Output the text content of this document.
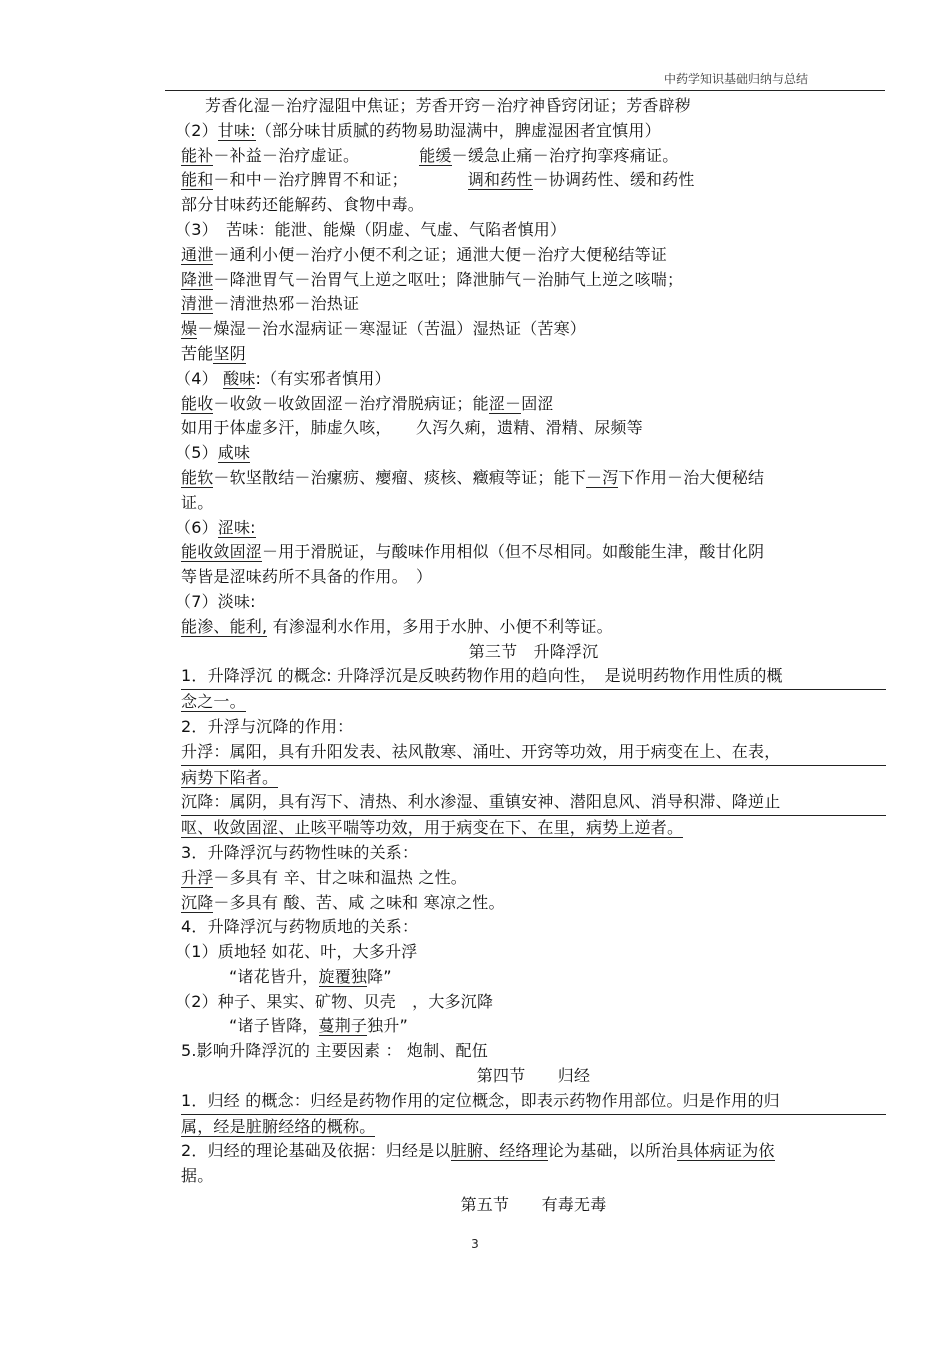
中药学知识基础归纳与总结
芳香化湿－治疗湿阻中焦证；芳香开窍－治疗神昏窍闭证；芳香辟秽
（2）甘味:（部分味甘质腻的药物易助湿满中，脾虚湿困者宜慎用）
能补－补益－治疗虚证。	能缓－缓急止痛－治疗拘挛疼痛证。
能和－和中－治疗脾胃不和证；	调和药性－协调药性、缓和药性
部分甘味药还能解药、食物中毒。
（3）　苦味：能泄、能燥（阴虚、气虚、气陷者慎用）
通泄－通利小便－治疗小便不利之证；通泄大便－治疗大便秘结等证
降泄－降泄胃气－治胃气上逆之呕吐；降泄肺气－治肺气上逆之咳喘；
清泄－清泄热邪－治热证
燥－燥湿－治水湿病证－寒湿证（苦温）湿热证（苦寒）
苦能坚阴
（4） 酸味:（有实邪者慎用）
能收－收敛－收敛固涩－治疗滑脱病证；能涩－固涩
如用于体虚多汗，肺虚久咳，　　久泻久痢，遗精、滑精、尿频等
（5）咸味
能软－软坚散结－治瘰疬、瘿瘤、痰核、癥瘕等证；能下－泻下作用－治大便秘结
证。
（6）涩味:
能收敛固涩－用于滑脱证，与酸味作用相似（但不尽相同。如酸能生津，酸甘化阴
等皆是涩味药所不具备的作用。　）
（7）淡味:
能渗、能利, 有渗湿利水作用，多用于水肿、小便不利等证。
第三节　升降浮沉
1．升降浮沉 的概念: 升降浮沉是反映药物作用的趋向性，　是说明药物作用性质的概
念之一。
2．升浮与沉降的作用：
升浮：属阳，具有升阳发表、祛风散寒、涌吐、开窍等功效，用于病变在上、在表，
病势下陷者。
沉降：属阴，具有泻下、清热、利水渗湿、重镇安神、潜阳息风、消导积滞、降逆止
呕、收敛固涩、止咳平喘等功效，用于病变在下、在里，病势上逆者。
3．升降浮沉与药物性味的关系：
升浮－多具有 辛、甘之味和温热 之性。
沉降－多具有 酸、苦、咸 之味和 寒凉之性。
4．升降浮沉与药物质地的关系：
（1）质地轻 如花、叶，大多升浮
“诸花皆升，旋覆独降”
（2）种子、果实、矿物、贝壳　，大多沉降
“诸子皆降，蔓荆子独升”
5.影响升降浮沉的 主要因素 ： 炮制、配伍
第四节　　归经
1．归经 的概念：归经是药物作用的定位概念，即表示药物作用部位。归是作用的归
属，经是脏腑经络的概称。
2．归经的理论基础及依据：归经是以脏腑、经络理论为基础，以所治具体病证为依
据。
第五节　　有毒无毒
3
